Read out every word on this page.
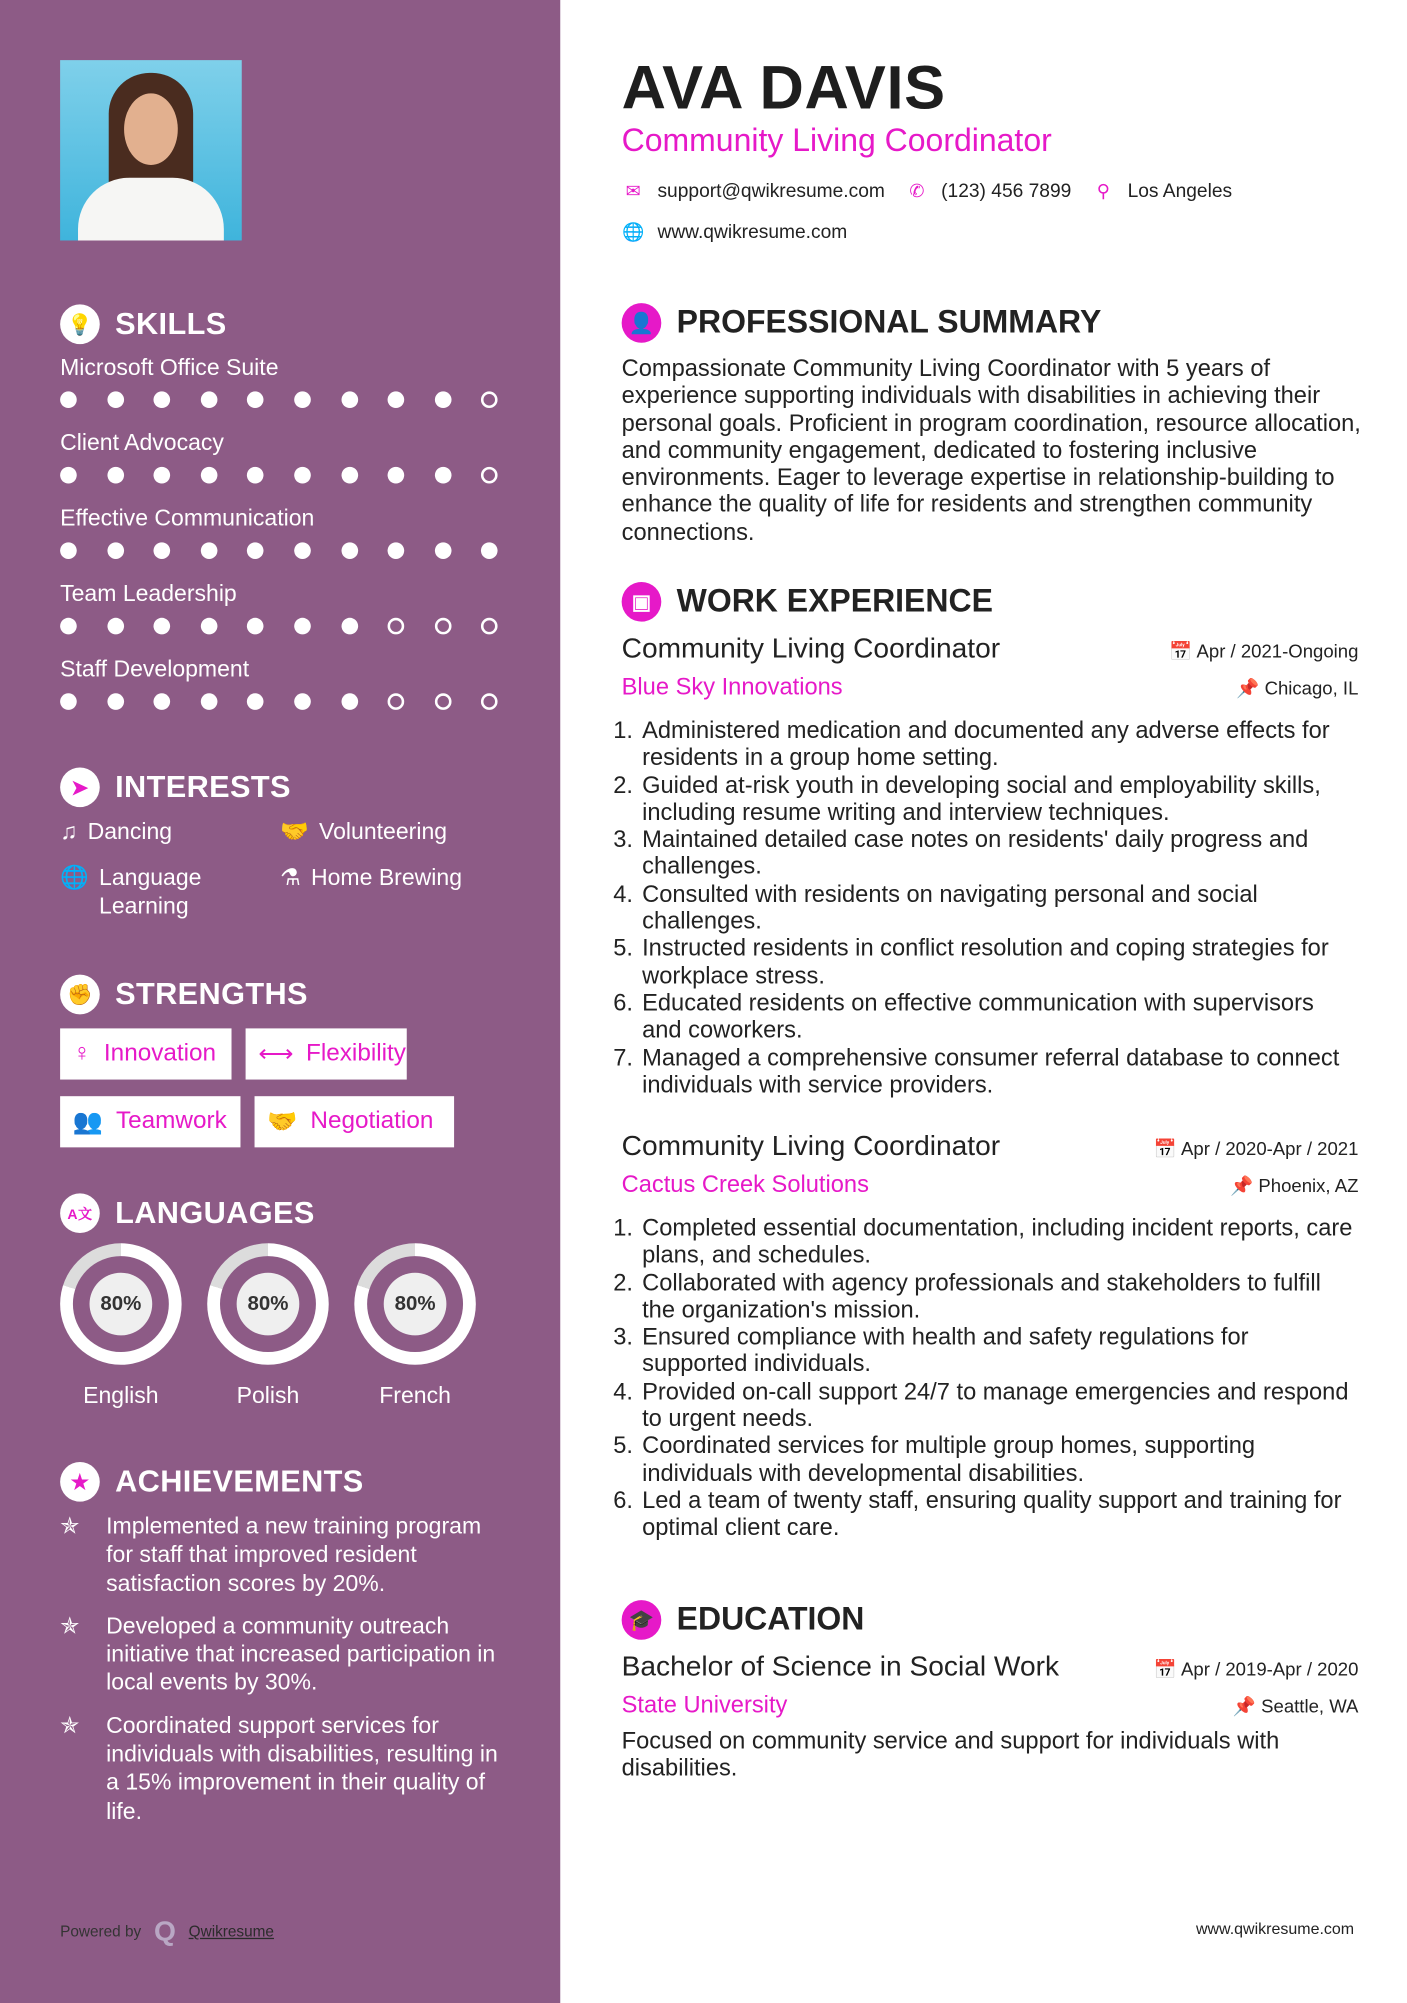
💡 SKILLS
Microsoft Office Suite
Client Advocacy
Effective Communication
Team Leadership
Staff Development
➤	INTERESTS
♫ Dancing	🤝 Volunteering
🌐 Language Learning
⚗ Home Brewing
✊ STRENGTHS
♀ Innovation ⟷ Flexibility
👥 Teamwork 🤝 Negotiation
A文 LANGUAGES
80%
English
80%
Polish
80%
French
★	ACHIEVEMENTS
✯	Implemented a new training program for staff that improved resident satisfaction scores by 20%.
✯	Developed a community outreach initiative that increased participation in local events by 30%.
✯	Coordinated support services for individuals with disabilities, resulting in a 15% improvement in their quality of life.
Powered by Q Qwikresume
AVA DAVIS
Community Living Coordinator
✉ support@qwikresume.com ✆ (123) 456 7899	⚲	Los Angeles
🌐 www.qwikresume.com
👤 PROFESSIONAL SUMMARY
Compassionate Community Living Coordinator with 5 years of experience supporting individuals with disabilities in achieving their personal goals. Proficient in program coordination, resource allocation, and community engagement, dedicated to fostering inclusive environments. Eager to leverage expertise in relationship-building to enhance the quality of life for residents and strengthen community connections.
▣	WORK EXPERIENCE
Community Living Coordinator	📅 Apr / 2021-Ongoing
Blue Sky Innovations	📌 Chicago, IL
1. Administered medication and documented any adverse effects for residents in a group home setting.
2. Guided at-risk youth in developing social and employability skills, including resume writing and interview techniques.
3. Maintained detailed case notes on residents' daily progress and challenges.
4. Consulted with residents on navigating personal and social challenges.
5. Instructed residents in conflict resolution and coping strategies for workplace stress.
6. Educated residents on effective communication with supervisors and coworkers.
7. Managed a comprehensive consumer referral database to connect individuals with service providers.
Community Living Coordinator	📅 Apr / 2020-Apr / 2021
Cactus Creek Solutions	📌 Phoenix, AZ
1. Completed essential documentation, including incident reports, care plans, and schedules.
2. Collaborated with agency professionals and stakeholders to fulfill the organization's mission.
3. Ensured compliance with health and safety regulations for supported individuals.
4. Provided on-call support 24/7 to manage emergencies and respond to urgent needs.
5. Coordinated services for multiple group homes, supporting individuals with developmental disabilities.
6. Led a team of twenty staff, ensuring quality support and training for optimal client care.
🎓 EDUCATION
Bachelor of Science in Social Work	📅 Apr / 2019-Apr / 2020
State University	📌 Seattle, WA
Focused on community service and support for individuals with disabilities.
www.qwikresume.com
